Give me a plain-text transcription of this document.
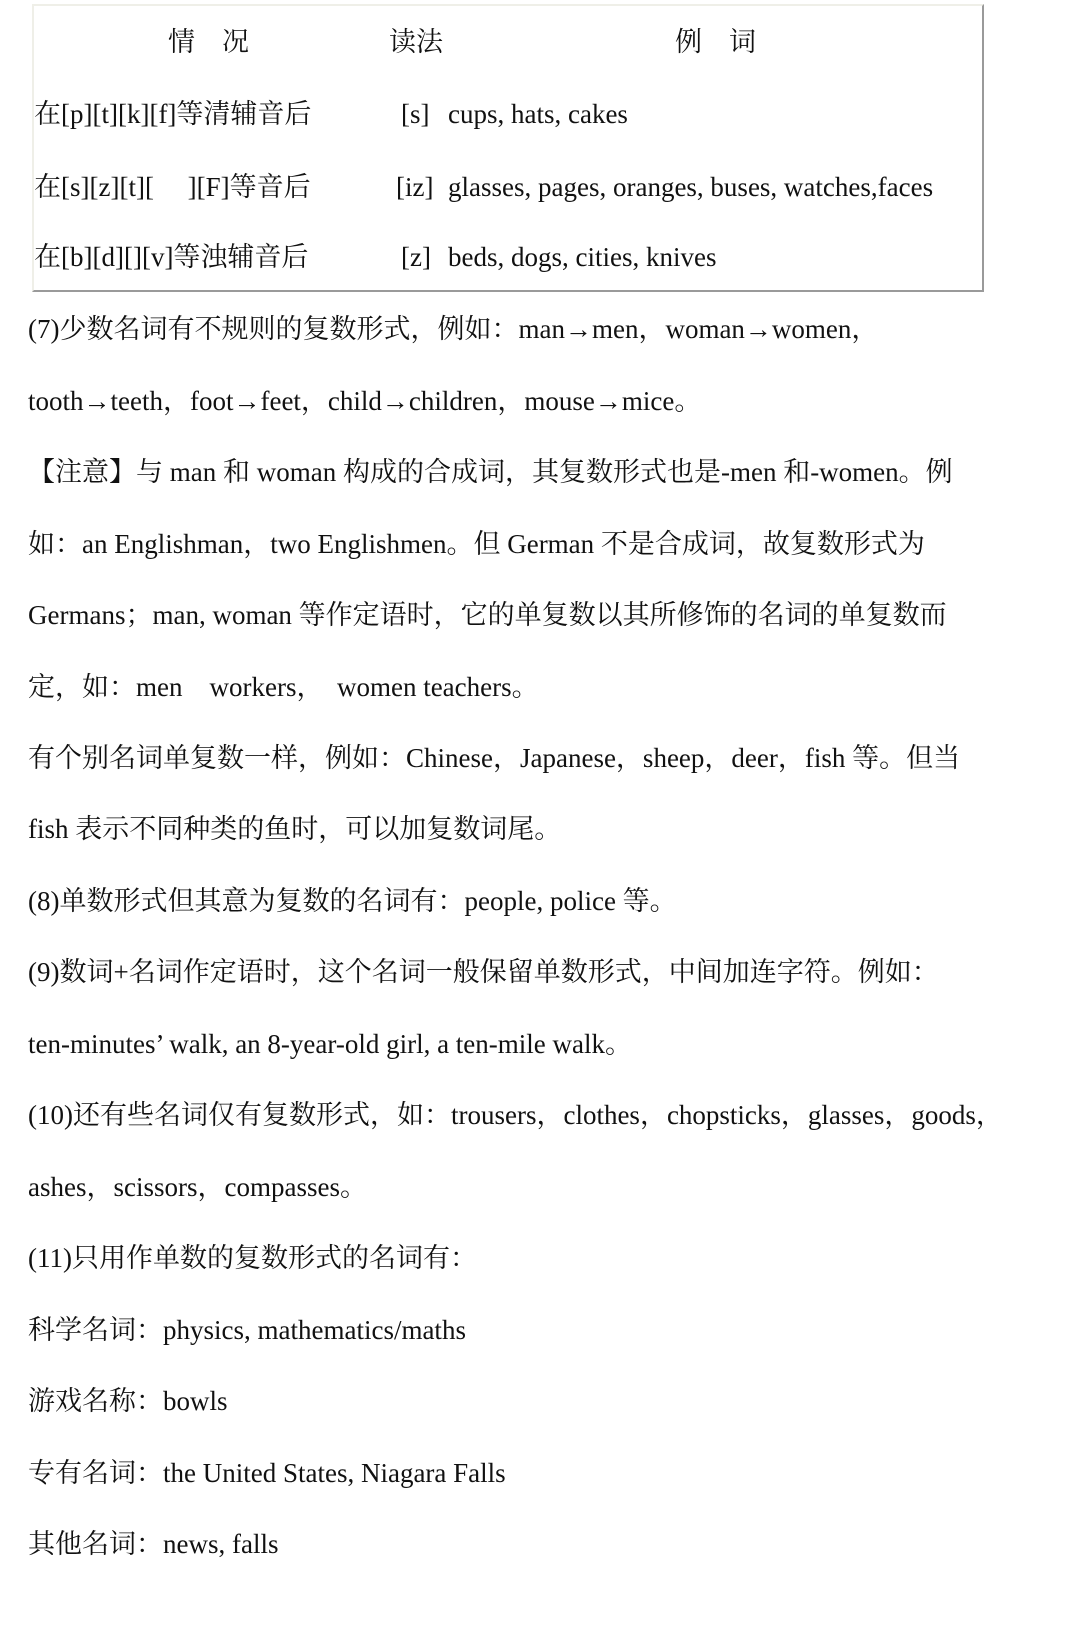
情　况	读法	例　词
在[p][t][k][f]等清辅音后	[s] cups, hats, cakes
在[s][z][t][　 ][F]等音后	[iz] glasses, pages, oranges, buses, watches,faces
在[b][d][][v]等浊辅音后	[z] beds, dogs, cities, knives
(7)少数名词有不规则的复数形式，例如：man→men，woman→women，
tooth→teeth，foot→feet，child→children，mouse→mice。
【注意】与 man 和 woman 构成的合成词，其复数形式也是-men 和-women。例
如：an Englishman，two Englishmen。但 German 不是合成词，故复数形式为
Germans；man, woman 等作定语时，它的单复数以其所修饰的名词的单复数而
定，如：men　workers，　women teachers。
有个别名词单复数一样，例如：Chinese，Japanese，sheep，deer，fish 等。但当
fish 表示不同种类的鱼时，可以加复数词尾。
(8)单数形式但其意为复数的名词有：people, police 等。
(9)数词+名词作定语时，这个名词一般保留单数形式，中间加连字符。例如：
ten-minutes’ walk, an 8-year-old girl, a ten-mile walk。
(10)还有些名词仅有复数形式，如：trousers，clothes，chopsticks，glasses，goods，
ashes，scissors，compasses。
(11)只用作单数的复数形式的名词有：
科学名词：physics, mathematics/maths
游戏名称：bowls
专有名词：the United States, Niagara Falls
其他名词：news, falls
